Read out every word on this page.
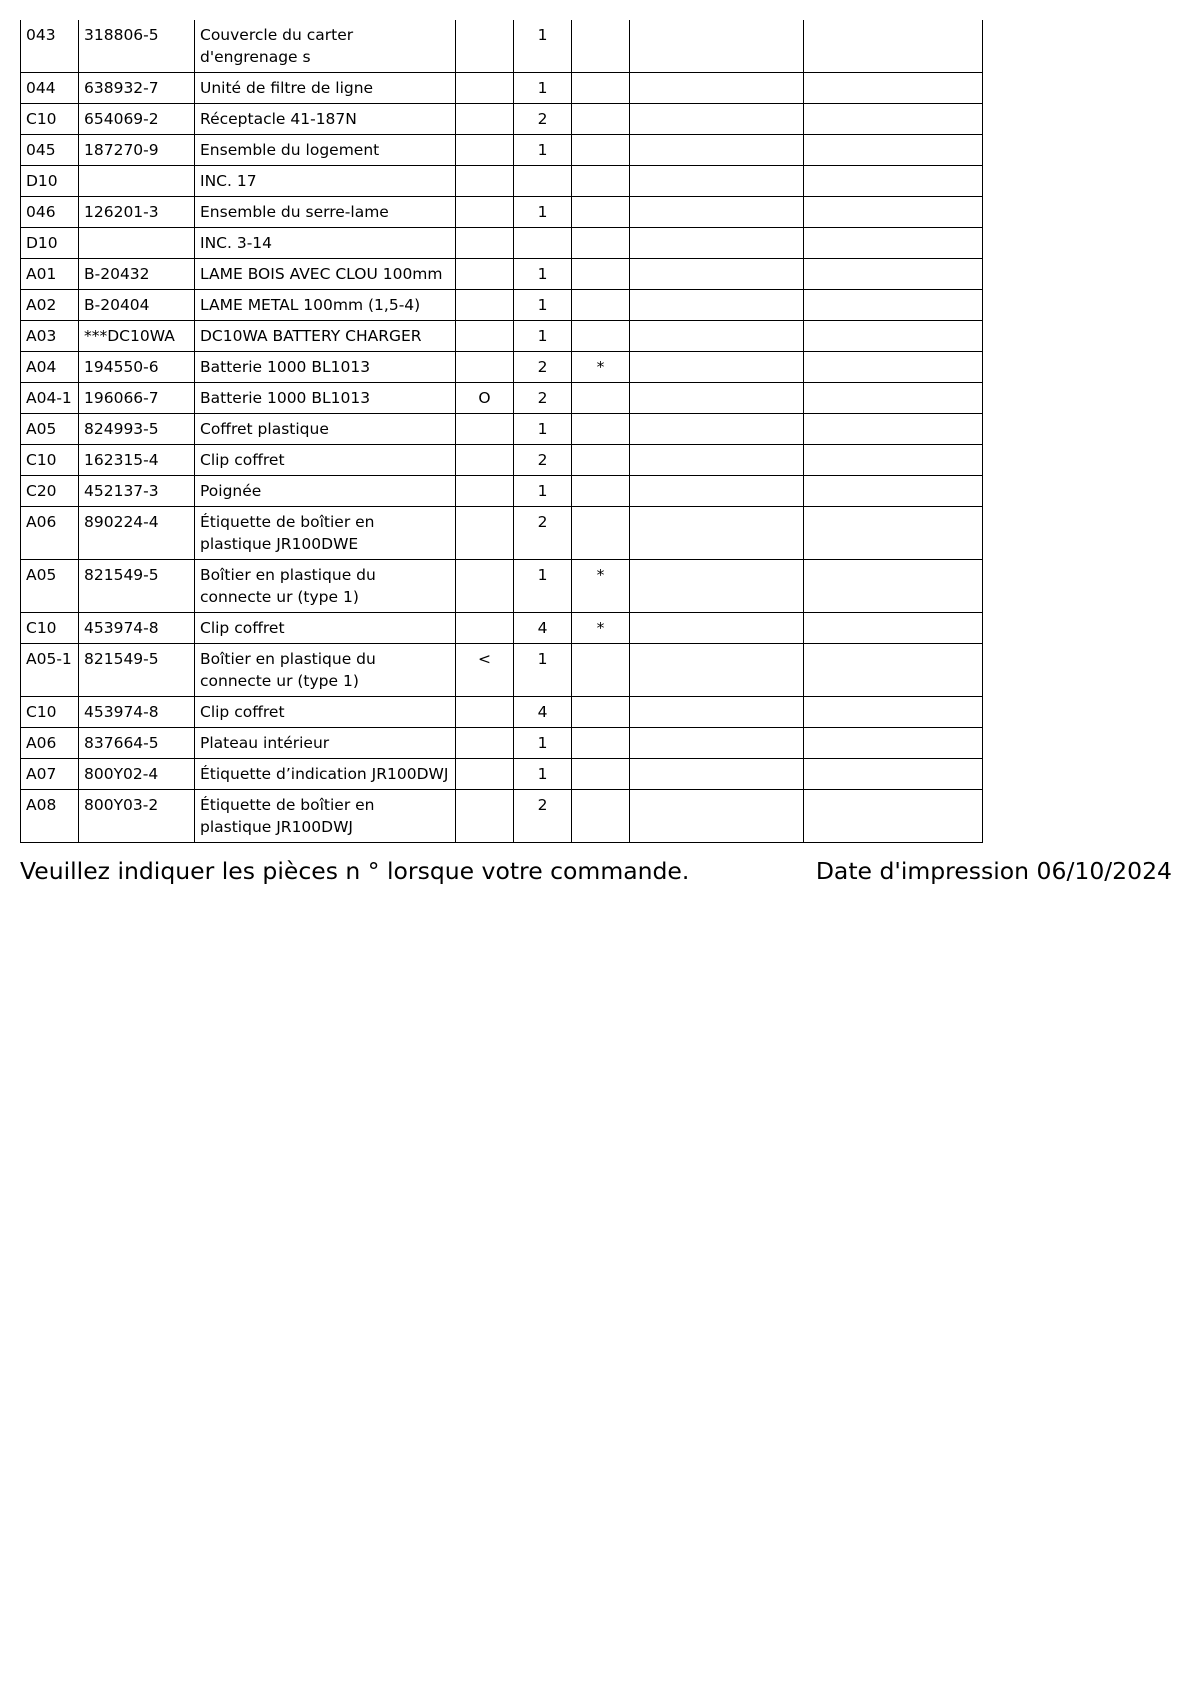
043	318806-5	Couvercle du carter d'engrenage s		1			
044	638932-7	Unité de filtre de ligne		1			
C10	654069-2	Réceptacle 41-187N		2			
045	187270-9	Ensemble du logement		1			
D10		INC. 17					
046	126201-3	Ensemble du serre-lame		1			
D10		INC. 3-14					
A01	B-20432	LAME BOIS AVEC CLOU 100mm		1			
A02	B-20404	LAME METAL 100mm (1,5-4)		1			
A03	***DC10WA	DC10WA BATTERY CHARGER		1			
A04	194550-6	Batterie 1000 BL1013		2	*		
A04-1	196066-7	Batterie 1000 BL1013	O	2			
A05	824993-5	Coffret plastique		1			
C10	162315-4	Clip coffret		2			
C20	452137-3	Poignée		1			
A06	890224-4	Étiquette de boîtier en plastique JR100DWE		2			
A05	821549-5	Boîtier en plastique du connecte ur (type 1)		1	*		
C10	453974-8	Clip coffret		4	*		
A05-1	821549-5	Boîtier en plastique du connecte ur (type 1)	<	1			
C10	453974-8	Clip coffret		4			
A06	837664-5	Plateau intérieur		1			
A07	800Y02-4	Étiquette d’indication JR100DWJ		1			
A08	800Y03-2	Étiquette de boîtier en plastique JR100DWJ		2			
Veuillez indiquer les pièces n ° lorsque votre commande.	Date d'impression 06/10/2024
